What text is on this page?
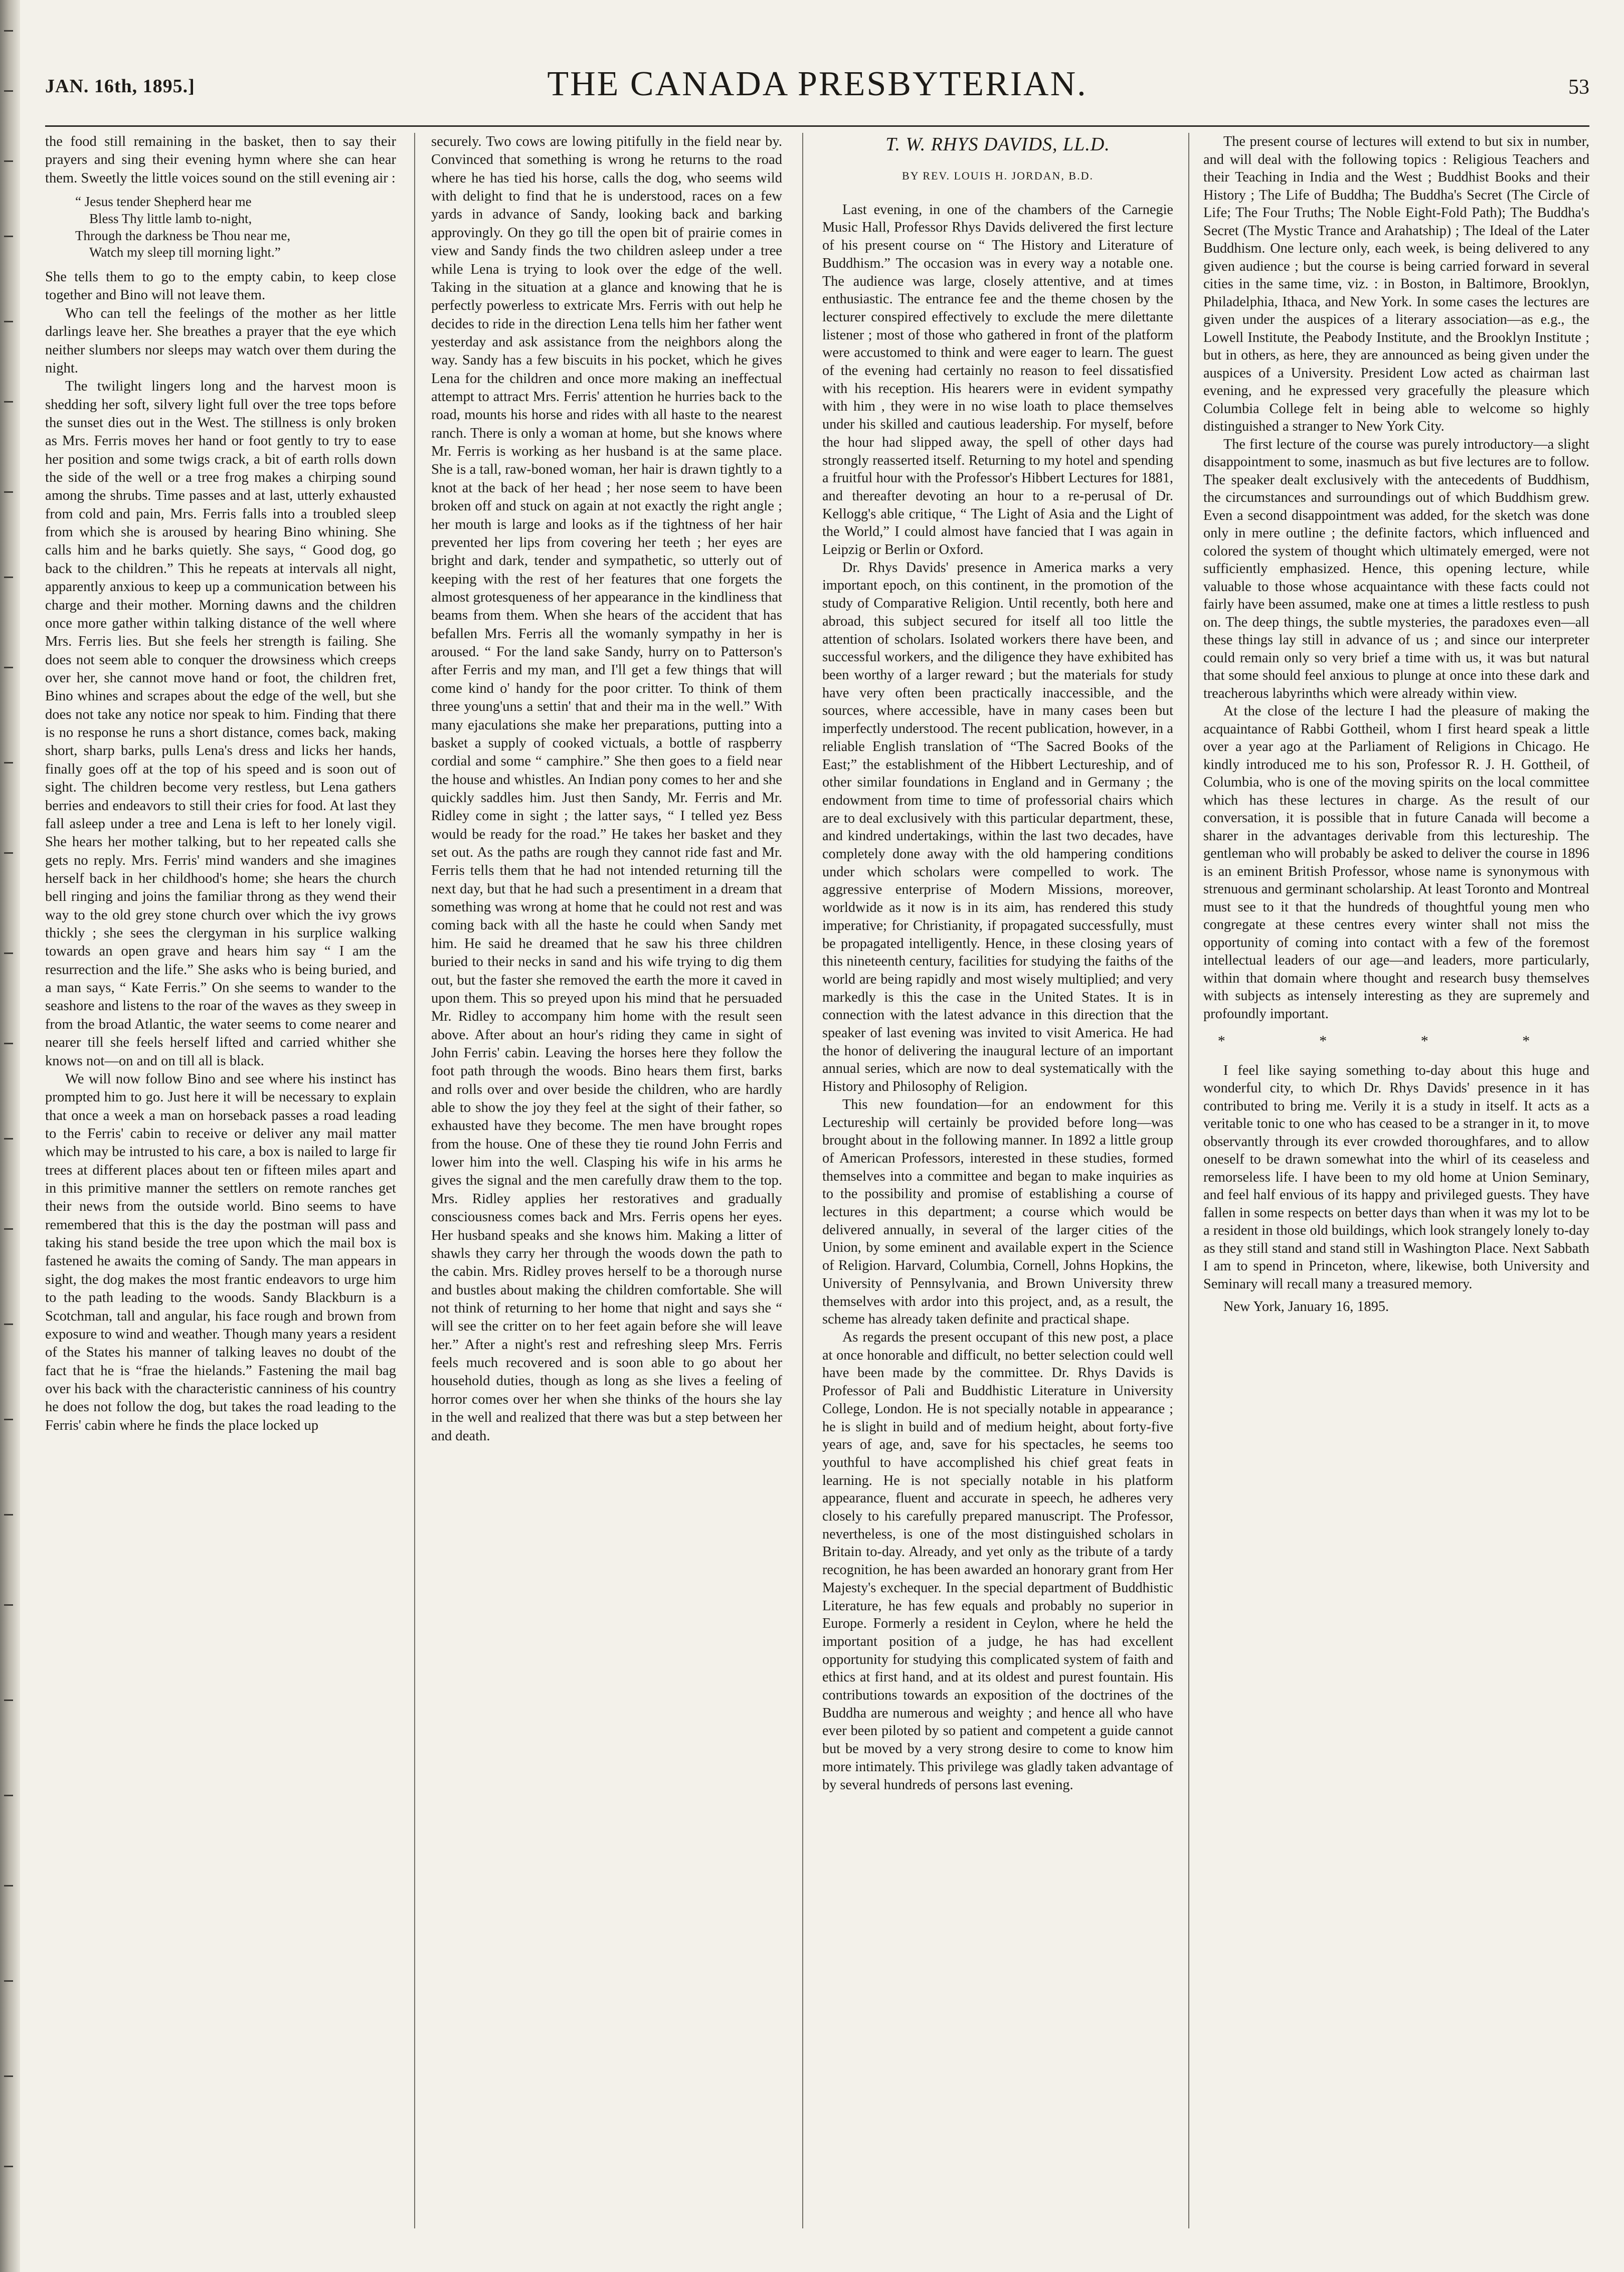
JAN. 16th, 1895.]	THE CANADA PRESBYTERIAN.	53

the food still remaining in the basket, then to say their prayers and sing their evening hymn where she can hear them. Sweetly the little voices sound on the still evening air :

“ Jesus tender Shepherd hear me
Bless Thy little lamb to-night,
Through the darkness be Thou near me,
Watch my sleep till morning light.”

She tells them to go to the empty cabin, to keep close together and Bino will not leave them.

Who can tell the feelings of the mother as her little darlings leave her. She breathes a prayer that the eye which neither slumbers nor sleeps may watch over them during the night.

The twilight lingers long and the harvest moon is shedding her soft, silvery light full over the tree tops before the sunset dies out in the West. The stillness is only broken as Mrs. Ferris moves her hand or foot gently to try to ease her position and some twigs crack, a bit of earth rolls down the side of the well or a tree frog makes a chirping sound among the shrubs. Time passes and at last, utterly exhausted from cold and pain, Mrs. Ferris falls into a troubled sleep from which she is aroused by hearing Bino whining. She calls him and he barks quietly. She says, “ Good dog, go back to the children.” This he repeats at intervals all night, apparently anxious to keep up a communication between his charge and their mother. Morning dawns and the children once more gather within talking distance of the well where Mrs. Ferris lies. But she feels her strength is failing. She does not seem able to conquer the drowsiness which creeps over her, she cannot move hand or foot, the children fret, Bino whines and scrapes about the edge of the well, but she does not take any notice nor speak to him. Finding that there is no response he runs a short distance, comes back, making short, sharp barks, pulls Lena's dress and licks her hands, finally goes off at the top of his speed and is soon out of sight. The children become very restless, but Lena gathers berries and endeavors to still their cries for food. At last they fall asleep under a tree and Lena is left to her lonely vigil. She hears her mother talking, but to her repeated calls she gets no reply. Mrs. Ferris' mind wanders and she imagines herself back in her childhood's home; she hears the church bell ringing and joins the familiar throng as they wend their way to the old grey stone church over which the ivy grows thickly ; she sees the clergyman in his surplice walking towards an open grave and hears him say “ I am the resurrection and the life.” She asks who is being buried, and a man says, “ Kate Ferris.” On she seems to wander to the seashore and listens to the roar of the waves as they sweep in from the broad Atlantic, the water seems to come nearer and nearer till she feels herself lifted and carried whither she knows not—on and on till all is black.

We will now follow Bino and see where his instinct has prompted him to go. Just here it will be necessary to explain that once a week a man on horseback passes a road leading to the Ferris' cabin to receive or deliver any mail matter which may be intrusted to his care, a box is nailed to large fir trees at different places about ten or fifteen miles apart and in this primitive manner the settlers on remote ranches get their news from the outside world. Bino seems to have remembered that this is the day the postman will pass and taking his stand beside the tree upon which the mail box is fastened he awaits the coming of Sandy. The man appears in sight, the dog makes the most frantic endeavors to urge him to the path leading to the woods. Sandy Blackburn is a Scotchman, tall and angular, his face rough and brown from exposure to wind and weather. Though many years a resident of the States his manner of talking leaves no doubt of the fact that he is “frae the hielands.” Fastening the mail bag over his back with the characteristic canniness of his country he does not follow the dog, but takes the road leading to the Ferris' cabin where he finds the place locked up

securely. Two cows are lowing pitifully in the field near by. Convinced that something is wrong he returns to the road where he has tied his horse, calls the dog, who seems wild with delight to find that he is understood, races on a few yards in advance of Sandy, looking back and barking approvingly. On they go till the open bit of prairie comes in view and Sandy finds the two children asleep under a tree while Lena is trying to look over the edge of the well. Taking in the situation at a glance and knowing that he is perfectly powerless to extricate Mrs. Ferris with out help he decides to ride in the direction Lena tells him her father went yesterday and ask assistance from the neighbors along the way. Sandy has a few biscuits in his pocket, which he gives Lena for the children and once more making an ineffectual attempt to attract Mrs. Ferris' attention he hurries back to the road, mounts his horse and rides with all haste to the nearest ranch. There is only a woman at home, but she knows where Mr. Ferris is working as her husband is at the same place. She is a tall, raw-boned woman, her hair is drawn tightly to a knot at the back of her head ; her nose seem to have been broken off and stuck on again at not exactly the right angle ; her mouth is large and looks as if the tightness of her hair prevented her lips from covering her teeth ; her eyes are bright and dark, tender and sympathetic, so utterly out of keeping with the rest of her features that one forgets the almost grotesqueness of her appearance in the kindliness that beams from them. When she hears of the accident that has befallen Mrs. Ferris all the womanly sympathy in her is aroused. “ For the land sake Sandy, hurry on to Patterson's after Ferris and my man, and I'll get a few things that will come kind o' handy for the poor critter. To think of them three young'uns a settin' that and their ma in the well.” With many ejaculations she make her preparations, putting into a basket a supply of cooked victuals, a bottle of raspberry cordial and some “ camphire.” She then goes to a field near the house and whistles. An Indian pony comes to her and she quickly saddles him. Just then Sandy, Mr. Ferris and Mr. Ridley come in sight ; the latter says, “ I telled yez Bess would be ready for the road.” He takes her basket and they set out. As the paths are rough they cannot ride fast and Mr. Ferris tells them that he had not intended returning till the next day, but that he had such a presentiment in a dream that something was wrong at home that he could not rest and was coming back with all the haste he could when Sandy met him. He said he dreamed that he saw his three children buried to their necks in sand and his wife trying to dig them out, but the faster she removed the earth the more it caved in upon them. This so preyed upon his mind that he persuaded Mr. Ridley to accompany him home with the result seen above. After about an hour's riding they came in sight of John Ferris' cabin. Leaving the horses here they follow the foot path through the woods. Bino hears them first, barks and rolls over and over beside the children, who are hardly able to show the joy they feel at the sight of their father, so exhausted have they become. The men have brought ropes from the house. One of these they tie round John Ferris and lower him into the well. Clasping his wife in his arms he gives the signal and the men carefully draw them to the top. Mrs. Ridley applies her restoratives and gradually consciousness comes back and Mrs. Ferris opens her eyes. Her husband speaks and she knows him. Making a litter of shawls they carry her through the woods down the path to the cabin. Mrs. Ridley proves herself to be a thorough nurse and bustles about making the children comfortable. She will not think of returning to her home that night and says she “ will see the critter on to her feet again before she will leave her.” After a night's rest and refreshing sleep Mrs. Ferris feels much recovered and is soon able to go about her household duties, though as long as she lives a feeling of horror comes over her when she thinks of the hours she lay in the well and realized that there was but a step between her and death.

T. W. RHYS DAVIDS, LL.D.
BY REV. LOUIS H. JORDAN, B.D.

Last evening, in one of the chambers of the Carnegie Music Hall, Professor Rhys Davids delivered the first lecture of his present course on “ The History and Literature of Buddhism.” The occasion was in every way a notable one. The audience was large, closely attentive, and at times enthusiastic. The entrance fee and the theme chosen by the lecturer conspired effectively to exclude the mere dilettante listener ; most of those who gathered in front of the platform were accustomed to think and were eager to learn. The guest of the evening had certainly no reason to feel dissatisfied with his reception. His hearers were in evident sympathy with him , they were in no wise loath to place themselves under his skilled and cautious leadership. For myself, before the hour had slipped away, the spell of other days had strongly reasserted itself. Returning to my hotel and spending a fruitful hour with the Professor's Hibbert Lectures for 1881, and thereafter devoting an hour to a re-perusal of Dr. Kellogg's able critique, “ The Light of Asia and the Light of the World,” I could almost have fancied that I was again in Leipzig or Berlin or Oxford.

Dr. Rhys Davids' presence in America marks a very important epoch, on this continent, in the promotion of the study of Comparative Religion. Until recently, both here and abroad, this subject secured for itself all too little the attention of scholars. Isolated workers there have been, and successful workers, and the diligence they have exhibited has been worthy of a larger reward ; but the materials for study have very often been practically inaccessible, and the sources, where accessible, have in many cases been but imperfectly understood. The recent publication, however, in a reliable English translation of “The Sacred Books of the East;” the establishment of the Hibbert Lectureship, and of other similar foundations in England and in Germany ; the endowment from time to time of professorial chairs which are to deal exclusively with this particular department, these, and kindred undertakings, within the last two decades, have completely done away with the old hampering conditions under which scholars were compelled to work. The aggressive enterprise of Modern Missions, moreover, worldwide as it now is in its aim, has rendered this study imperative; for Christianity, if propagated successfully, must be propagated intelligently. Hence, in these closing years of this nineteenth century, facilities for studying the faiths of the world are being rapidly and most wisely multiplied; and very markedly is this the case in the United States. It is in connection with the latest advance in this direction that the speaker of last evening was invited to visit America. He had the honor of delivering the inaugural lecture of an important annual series, which are now to deal systematically with the History and Philosophy of Religion.

This new foundation—for an endowment for this Lectureship will certainly be provided before long—was brought about in the following manner. In 1892 a little group of American Professors, interested in these studies, formed themselves into a committee and began to make inquiries as to the possibility and promise of establishing a course of lectures in this department; a course which would be delivered annually, in several of the larger cities of the Union, by some eminent and available expert in the Science of Religion. Harvard, Columbia, Cornell, Johns Hopkins, the University of Pennsylvania, and Brown University threw themselves with ardor into this project, and, as a result, the scheme has already taken definite and practical shape.

As regards the present occupant of this new post, a place at once honorable and difficult, no better selection could well have been made by the committee. Dr. Rhys Davids is Professor of Pali and Buddhistic Literature in University College, London. He is not specially notable in appearance ; he is slight in build and of medium height, about forty-five years of age, and, save for his spectacles, he seems too youthful to have accomplished his chief great feats in learning. He is not specially notable in his platform appearance, fluent and accurate in speech, he adheres very closely to his carefully prepared manuscript. The Professor, nevertheless, is one of the most distinguished scholars in Britain to-day. Already, and yet only as the tribute of a tardy recognition, he has been awarded an honorary grant from Her Majesty's exchequer. In the special department of Buddhistic Literature, he has few equals and probably no superior in Europe. Formerly a resident in Ceylon, where he held the important position of a judge, he has had excellent opportunity for studying this complicated system of faith and ethics at first hand, and at its oldest and purest fountain. His contributions towards an exposition of the doctrines of the Buddha are numerous and weighty ; and hence all who have ever been piloted by so patient and competent a guide cannot but be moved by a very strong desire to come to know him more intimately. This privilege was gladly taken advantage of by several hundreds of persons last evening.

The present course of lectures will extend to but six in number, and will deal with the following topics : Religious Teachers and their Teaching in India and the West ; Buddhist Books and their History ; The Life of Buddha; The Buddha's Secret (The Circle of Life; The Four Truths; The Noble Eight-Fold Path); The Buddha's Secret (The Mystic Trance and Arahatship) ; The Ideal of the Later Buddhism. One lecture only, each week, is being delivered to any given audience ; but the course is being carried forward in several cities in the same time, viz. : in Boston, in Baltimore, Brooklyn, Philadelphia, Ithaca, and New York. In some cases the lectures are given under the auspices of a literary association—as e.g., the Lowell Institute, the Peabody Institute, and the Brooklyn Institute ; but in others, as here, they are announced as being given under the auspices of a University. President Low acted as chairman last evening, and he expressed very gracefully the pleasure which Columbia College felt in being able to welcome so highly distinguished a stranger to New York City.

The first lecture of the course was purely introductory—a slight disappointment to some, inasmuch as but five lectures are to follow. The speaker dealt exclusively with the antecedents of Buddhism, the circumstances and surroundings out of which Buddhism grew. Even a second disappointment was added, for the sketch was done only in mere outline ; the definite factors, which influenced and colored the system of thought which ultimately emerged, were not sufficiently emphasized. Hence, this opening lecture, while valuable to those whose acquaintance with these facts could not fairly have been assumed, make one at times a little restless to push on. The deep things, the subtle mysteries, the paradoxes even—all these things lay still in advance of us ; and since our interpreter could remain only so very brief a time with us, it was but natural that some should feel anxious to plunge at once into these dark and treacherous labyrinths which were already within view.

At the close of the lecture I had the pleasure of making the acquaintance of Rabbi Gottheil, whom I first heard speak a little over a year ago at the Parliament of Religions in Chicago. He kindly introduced me to his son, Professor R. J. H. Gottheil, of Columbia, who is one of the moving spirits on the local committee which has these lectures in charge. As the result of our conversation, it is possible that in future Canada will become a sharer in the advantages derivable from this lectureship. The gentleman who will probably be asked to deliver the course in 1896 is an eminent British Professor, whose name is synonymous with strenuous and germinant scholarship. At least Toronto and Montreal must see to it that the hundreds of thoughtful young men who congregate at these centres every winter shall not miss the opportunity of coming into contact with a few of the foremost intellectual leaders of our age—and leaders, more particularly, within that domain where thought and research busy themselves with subjects as intensely interesting as they are supremely and profoundly important.

* * * *

I feel like saying something to-day about this huge and wonderful city, to which Dr. Rhys Davids' presence in it has contributed to bring me. Verily it is a study in itself. It acts as a veritable tonic to one who has ceased to be a stranger in it, to move observantly through its ever crowded thoroughfares, and to allow oneself to be drawn somewhat into the whirl of its ceaseless and remorseless life. I have been to my old home at Union Seminary, and feel half envious of its happy and privileged guests. They have fallen in some respects on better days than when it was my lot to be a resident in those old buildings, which look strangely lonely to-day as they still stand and stand still in Washington Place. Next Sabbath I am to spend in Princeton, where, likewise, both University and Seminary will recall many a treasured memory.

New York, January 16, 1895.
